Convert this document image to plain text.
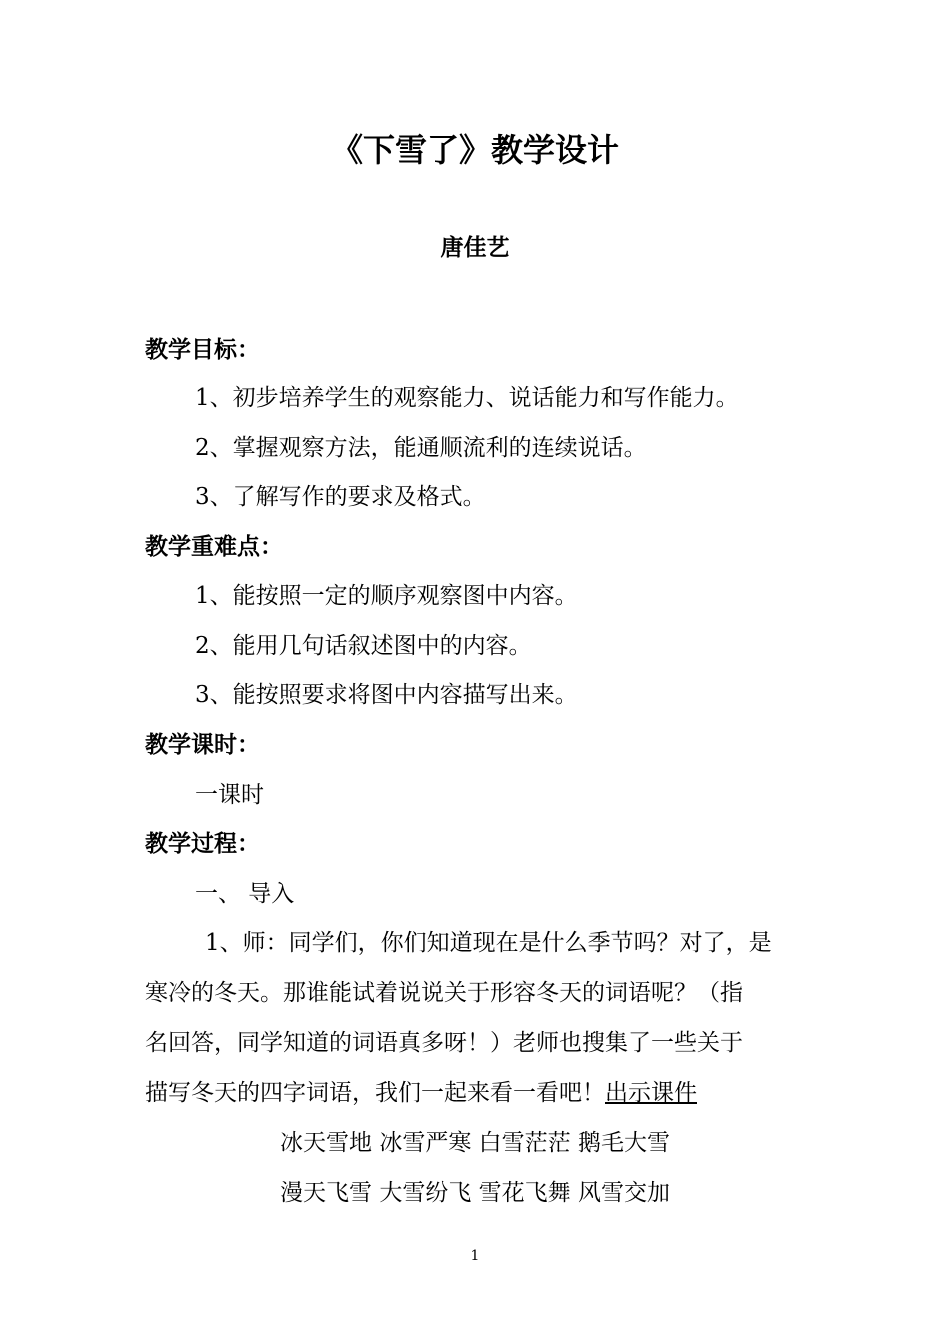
《下雪了》教学设计
唐佳艺
教学目标：
1、初步培养学生的观察能力、说话能力和写作能力。
2、掌握观察方法，能通顺流利的连续说话。
3、了解写作的要求及格式。
教学重难点：
1、能按照一定的顺序观察图中内容。
2、能用几句话叙述图中的内容。
3、能按照要求将图中内容描写出来。
教学课时：
一课时
教学过程：
一、 导入
1、师：同学们，你们知道现在是什么季节吗？对了，是
寒冷的冬天。那谁能试着说说关于形容冬天的词语呢？（指
名回答，同学知道的词语真多呀！）老师也搜集了一些关于
描写冬天的四字词语，我们一起来看一看吧！出示课件
冰天雪地 冰雪严寒 白雪茫茫 鹅毛大雪
漫天飞雪 大雪纷飞 雪花飞舞 风雪交加
1
